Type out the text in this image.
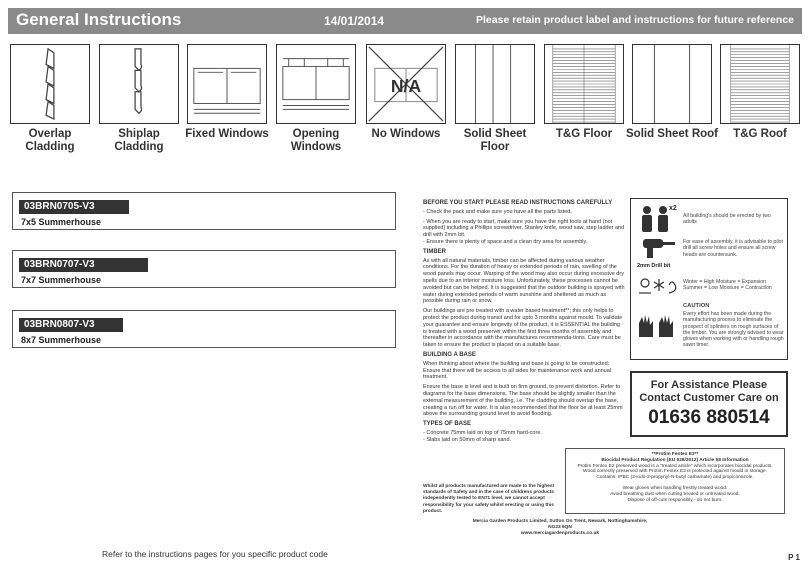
General Instructions	14/01/2014	Please retain product label and instructions for future reference
Overlap Cladding
Shiplap Cladding
Fixed Windows	Opening Windows
N/A
No Windows	Solid Sheet Floor
T&G Floor	Solid Sheet Roof	T&G Roof
03BRN0705-V3
7x5 Summerhouse
03BRN0707-V3
7x7 Summerhouse
03BRN0807-V3
8x7 Summerhouse
BEFORE YOU START PLEASE READ INSTRUCTIONS CAREFULLY

- Check the pack and make sure you have all the parts listed.

- When you are ready to start, make sure you have the right tools at hand (not supplied) including a Phillips screwdriver, Stanley knife, wood saw, step ladder and drill with 2mm bit.

- Ensure there is plenty of space and a clean dry area for assembly.

TIMBER

As with all natural materials, timber can be affected during various weather conditions. For the duration of heavy or extended periods of rain, swelling of the wood panels may occur. Warping of the wood may also occur during excessive dry spells due to an interior moisture loss. Unfortunately, these processes cannot be avoided but can be helped. It is suggested that the outdoor building is sprayed with water during extended periods of warm sunshine and sheltered as much as possible during rain or snow.

Our buildings are pre treated with a water based treatment**; this only helps to protect the product during transit and for upto 3 months against mould. To validate your guarantee and ensure longevity of the product, it is ESSENTIAL the building is treated with a wood preserver within the first three months of assembly and thereafter in accordance with the manufactures recommenda-tions. Care must be taken to ensure the product is placed on a suitable base.

BUILDING A BASE

When thinking about where the building and base is going to be constructed: Ensure that there will be access to all sides for maintenance work and annual treatment.

Ensure the base is level and is built on firm ground, to prevent distortion. Refer to diagrams for the base dimensions. The base should be slightly smaller than the external measurement of the building, i.e. The cladding should overlap the base, creating a run off for water. It is also recommended that the floor be at least 25mm above the surrounding ground level to avoid flooding.

TYPES OF BASE

- Concrete 75mm laid on top of 75mm hard-core.

- Slabs laid on 50mm of sharp sand.

Whilst all products manufactured are made to the highest standards of Safety and in the case of childrens products independently tested to EN71 level, we cannot accept responsibility for your safety whilst erecting or using this product.
x2
All building's should be erected by two adults
2mm Drill bit
For ease of assembly, it is advisable to pilot drill all screw holes and ensure all screw heads are countersunk.
Winter = High Moisture = Expansion Summer = Low Moisture = Contraction
CAUTION
Every effort has been made during the manufacturing process to eliminate the prospect of splinters on rough surfaces of the timber. You are strongly advised to wear gloves when working with or handling rough sawn timer.
For Assistance Please
Contact Customer Care on
01636 880514
**Protim Fentex E3**
Biocidal Product Regulation (EU 528/2012) Article 58 Information
Protim Fentex E2 preserved wood is a "treated article" which incorporates biocidal products.
Wood correctly preserved with Protim Fentex E2 is protected against mould in storage.
Contains: IPBC (3-iodo-2-propynyl-N-butyl carbamate) and propiconazole.
Wear gloves when handling freshly treated wood.
Avoid breathing dust when cutting treated or untreated wood.
Dispose of off-cuts responsibly - do not burn.
Mercia Garden Products Limited, Sutton On Trent, Newark, Nottinghamshire, NG23 6QN
www.merciagardenproducts.co.uk
Refer to the instructions pages for you specific product code	P 1
